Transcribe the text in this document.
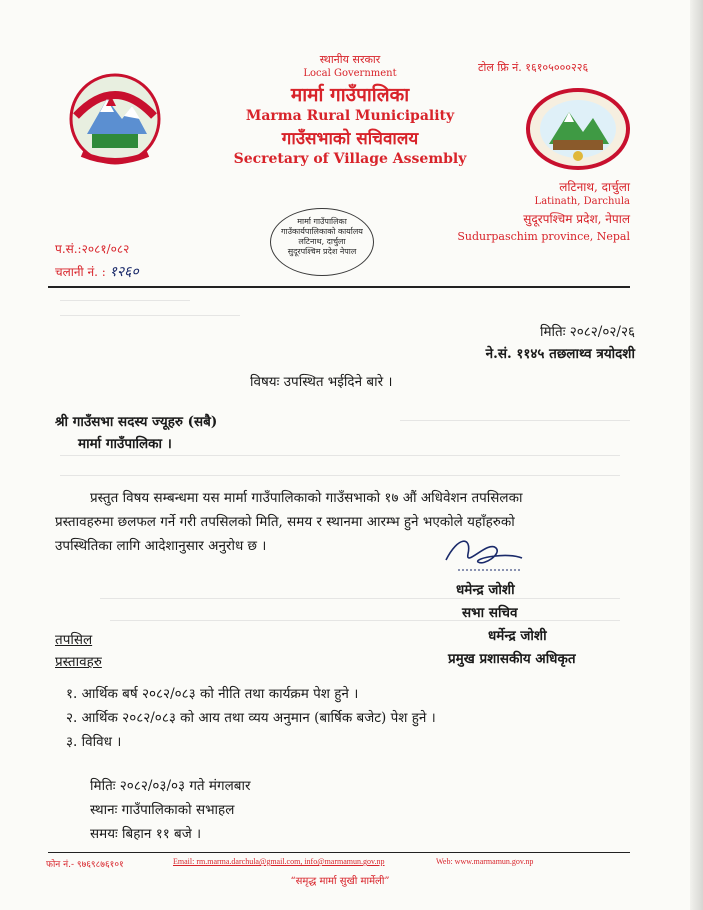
टोल फ्रि नं. १६१०५०००२२६
स्थानीय सरकार
Local Government
मार्मा गाउँपालिका
Marma Rural Municipality
गाउँसभाको सचिवालय
Secretary of Village Assembly
लटिनाथ, दार्चुला
Latinath, Darchula
सुदूरपश्चिम प्रदेश, नेपाल
Sudurpaschim province, Nepal
मार्मा गाउँपालिका
गाउँकार्यपालिकाको कार्यालय
लटिनाथ, दार्चुला
सुदूरपश्चिम प्रदेश नेपाल
प.सं.:२०८१/०८२
चलानी नं. : १२६०
मितिः २०८२/०२/२६
ने.सं. ११४५ तछलाथ्व त्रयोदशी
विषयः उपस्थित भईदिने बारे ।
श्री गाउँसभा सदस्य ज्यूहरु (सबै)
मार्मा गाउँपालिका ।
प्रस्तुत विषय सम्बन्धमा यस मार्मा गाउँपालिकाको गाउँसभाको १७ औं अधिवेशन तपसिलका
प्रस्तावहरुमा छलफल गर्ने गरी तपसिलको मिति, समय र स्थानमा आरम्भ हुने भएकोले यहाँहरुको
उपस्थितिका लागि आदेशानुसार अनुरोध छ ।
धमेन्द्र जोशी
सभा सचिव
धर्मेन्द्र जोशी
प्रमुख प्रशासकीय अधिकृत
तपसिल
प्रस्तावहरु
१. आर्थिक बर्ष २०८२/०८३ को नीति तथा कार्यक्रम पेश हुने ।
२. आर्थिक २०८२/०८३ को आय तथा व्यय अनुमान (बार्षिक बजेट) पेश हुने ।
३. विविध ।
मितिः २०८२/०३/०३ गते मंगलबार
स्थानः गाउँपालिकाको सभाहल
समयः बिहान ११ बजे ।
फोन नं.- ९७६९८७६१०१	Email: rm.marma.darchula@gmail.com, info@marmamun.gov.np	Web: www.marmamun.gov.np
“समृद्ध मार्मा सुखी मार्मेली”
